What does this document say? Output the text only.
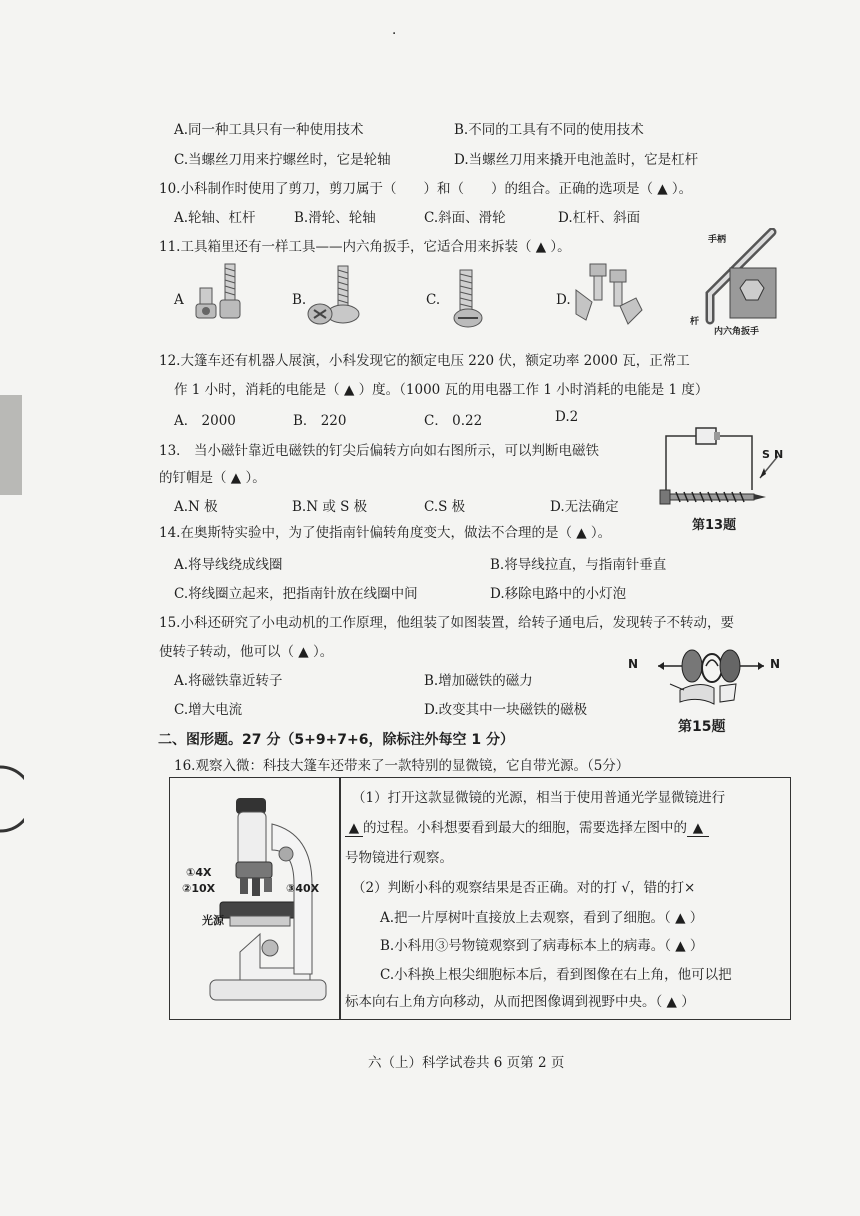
·
A.同一种工具只有一种使用技术	B.不同的工具有不同的使用技术
C.当螺丝刀用来拧螺丝时，它是轮轴	D.当螺丝刀用来撬开电池盖时，它是杠杆
10.小科制作时使用了剪刀，剪刀属于（　　）和（　　）的组合。正确的选项是（ ▲ ）。
A.轮轴、杠杆	B.滑轮、轮轴	C.斜面、滑轮	D.杠杆、斜面
11.工具箱里还有一样工具——内六角扳手，它适合用来拆装（ ▲ ）。
A	B.	C.	D.
手柄
杆
内六角扳手
12.大篷车还有机器人展演，小科发现它的额定电压 220 伏，额定功率 2000 瓦，正常工
作 1 小时，消耗的电能是（ ▲ ）度。（1000 瓦的用电器工作 1 小时消耗的电能是 1 度）
A． 2000	B． 220	C． 0.22	D.2
13． 当小磁针靠近电磁铁的钉尖后偏转方向如右图所示，可以判断电磁铁
的钉帽是（ ▲ ）。
A.N 极	B.N 或 S 极	C.S 极	D.无法确定
S N
第13题
14.在奥斯特实验中，为了使指南针偏转角度变大，做法不合理的是（ ▲ ）。
A.将导线绕成线圈	B.将导线拉直，与指南针垂直
C.将线圈立起来，把指南针放在线圈中间	D.移除电路中的小灯泡
15.小科还研究了小电动机的工作原理，他组装了如图装置，给转子通电后，发现转子不转动，要
使转子转动，他可以（ ▲ ）。
A.将磁铁靠近转子	B.增加磁铁的磁力
C.增大电流	D.改变其中一块磁铁的磁极
N	N
第15题
二、图形题。27 分（5+9+7+6，除标注外每空 1 分）
16.观察入微：科技大篷车还带来了一款特别的显微镜，它自带光源。（5分）
①4X
②10X	③40X
光源
（1）打开这款显微镜的光源，相当于使用普通光学显微镜进行
▲ 的过程。小科想要看到最大的细胞，需要选择左图中的 ▲
号物镜进行观察。
（2）判断小科的观察结果是否正确。对的打 √，错的打×
A.把一片厚树叶直接放上去观察，看到了细胞。（ ▲ ）
B.小科用③号物镜观察到了病毒标本上的病毒。（ ▲ ）
C.小科换上根尖细胞标本后，看到图像在右上角，他可以把
标本向右上角方向移动，从而把图像调到视野中央。（ ▲ ）
六（上）科学试卷共 6 页第 2 页
